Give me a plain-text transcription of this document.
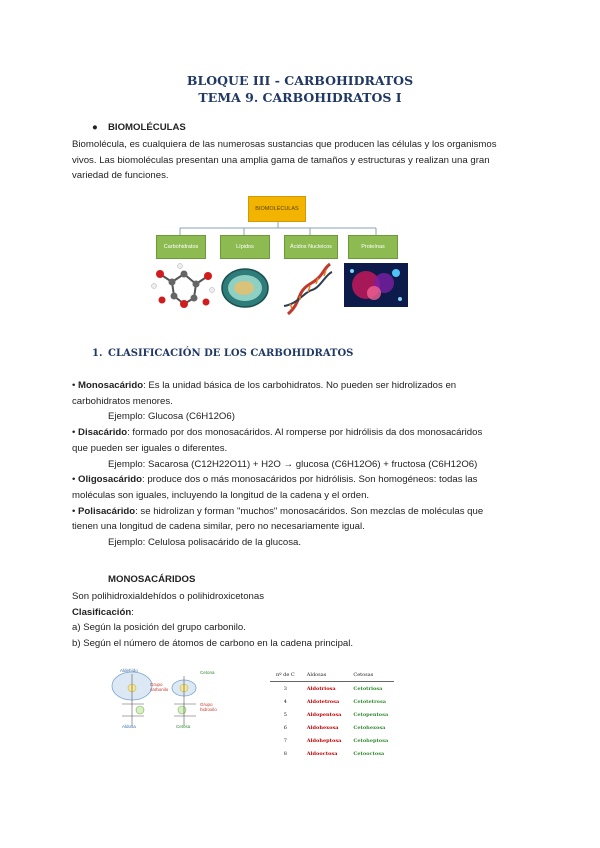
BLOQUE III - CARBOHIDRATOS
TEMA 9. CARBOHIDRATOS I
● BIOMOLÉCULAS
Biomolécula, es cualquiera de las numerosas sustancias que producen las células y los organismos vivos. Las biomoléculas presentan una amplia gama de tamaños y estructuras y realizan una gran variedad de funciones.
BIOMOLÉCULAS
Carbohidratos	Lípidos	Ácidos Nucleicos	Proteínas
1. CLASIFICACIÓN DE LOS CARBOHIDRATOS
• Monosacárido: Es la unidad básica de los carbohidratos. No pueden ser hidrolizados en carbohidratos menores.
Ejemplo: Glucosa (C6H12O6)
• Disacárido: formado por dos monosacáridos. Al romperse por hidrólisis da dos monosacáridos que pueden ser iguales o diferentes.
Ejemplo: Sacarosa (C12H22O11) + H2O → glucosa (C6H12O6) + fructosa (C6H12O6)
• Oligosacárido: produce dos o más monosacáridos por hidrólisis. Son homogéneos: todas las moléculas son iguales, incluyendo la longitud de la cadena y el orden.
• Polisacárido: se hidrolizan y forman "muchos" monosacáridos. Son mezclas de moléculas que tienen una longitud de cadena similar, pero no necesariamente igual.
Ejemplo: Celulosa polisacárido de la glucosa.
MONOSACÁRIDOS
Son polihidroxialdehídos o polihidroxicetonas
Clasificación:
a) Según la posición del grupo carbonilo.
b) Según el número de átomos de carbono en la cadena principal.
Aldehído	Cetona
Grupo carbonilo
Grupo hidroxilo
Aldosa	Cetosa
nº de C	Aldosas	Cetosas
3	Aldotriosa	Cetotriosa
4	Aldotetrosa	Cetotetrosa
5	Aldopentosa	Cetopentosa
6	Aldohexosa	Cetohexosa
7	Aldoheptosa	Cetoheptosa
8	Aldooctosa	Cetooctosa
